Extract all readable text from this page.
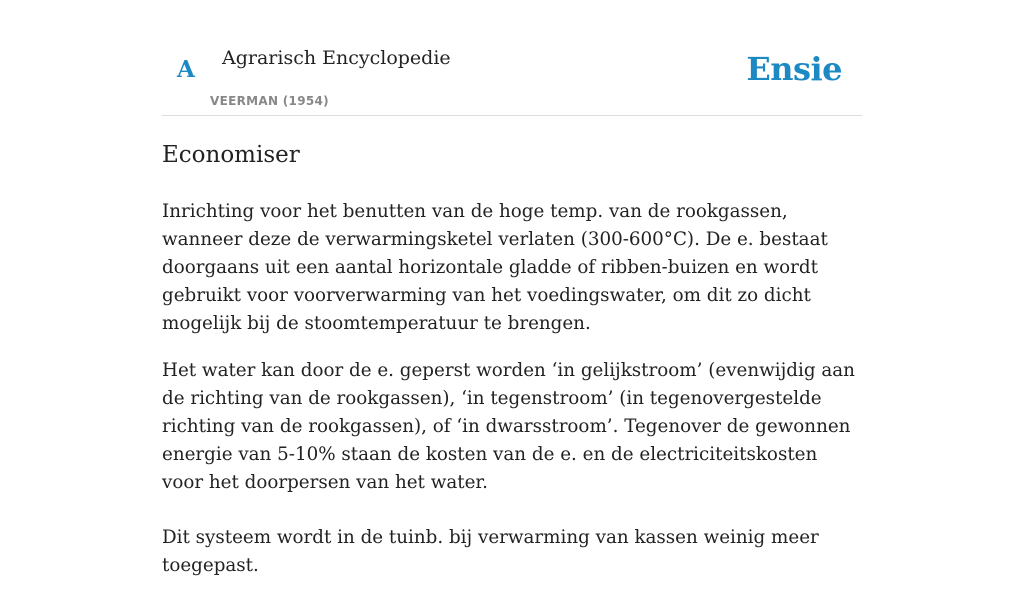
A Agrarisch Encyclopedie
VEERMAN (1954)
Ensie
Economiser

Inrichting voor het benutten van de hoge temp. van de rookgassen, wanneer deze de verwarmingsketel verlaten (300-600°C). De e. bestaat doorgaans uit een aantal horizontale gladde of ribben-buizen en wordt gebruikt voor voorverwarming van het voedingswater, om dit zo dicht mogelijk bij de stoomtemperatuur te brengen.

Het water kan door de e. geperst worden ‘in gelijkstroom’ (evenwijdig aan de richting van de rookgassen), ‘in tegenstroom’ (in tegenovergestelde richting van de rookgassen), of ‘in dwarsstroom’. Tegenover de gewonnen energie van 5-10% staan de kosten van de e. en de electriciteitskosten voor het doorpersen van het water.

Dit systeem wordt in de tuinb. bij verwarming van kassen weinig meer toegepast.
